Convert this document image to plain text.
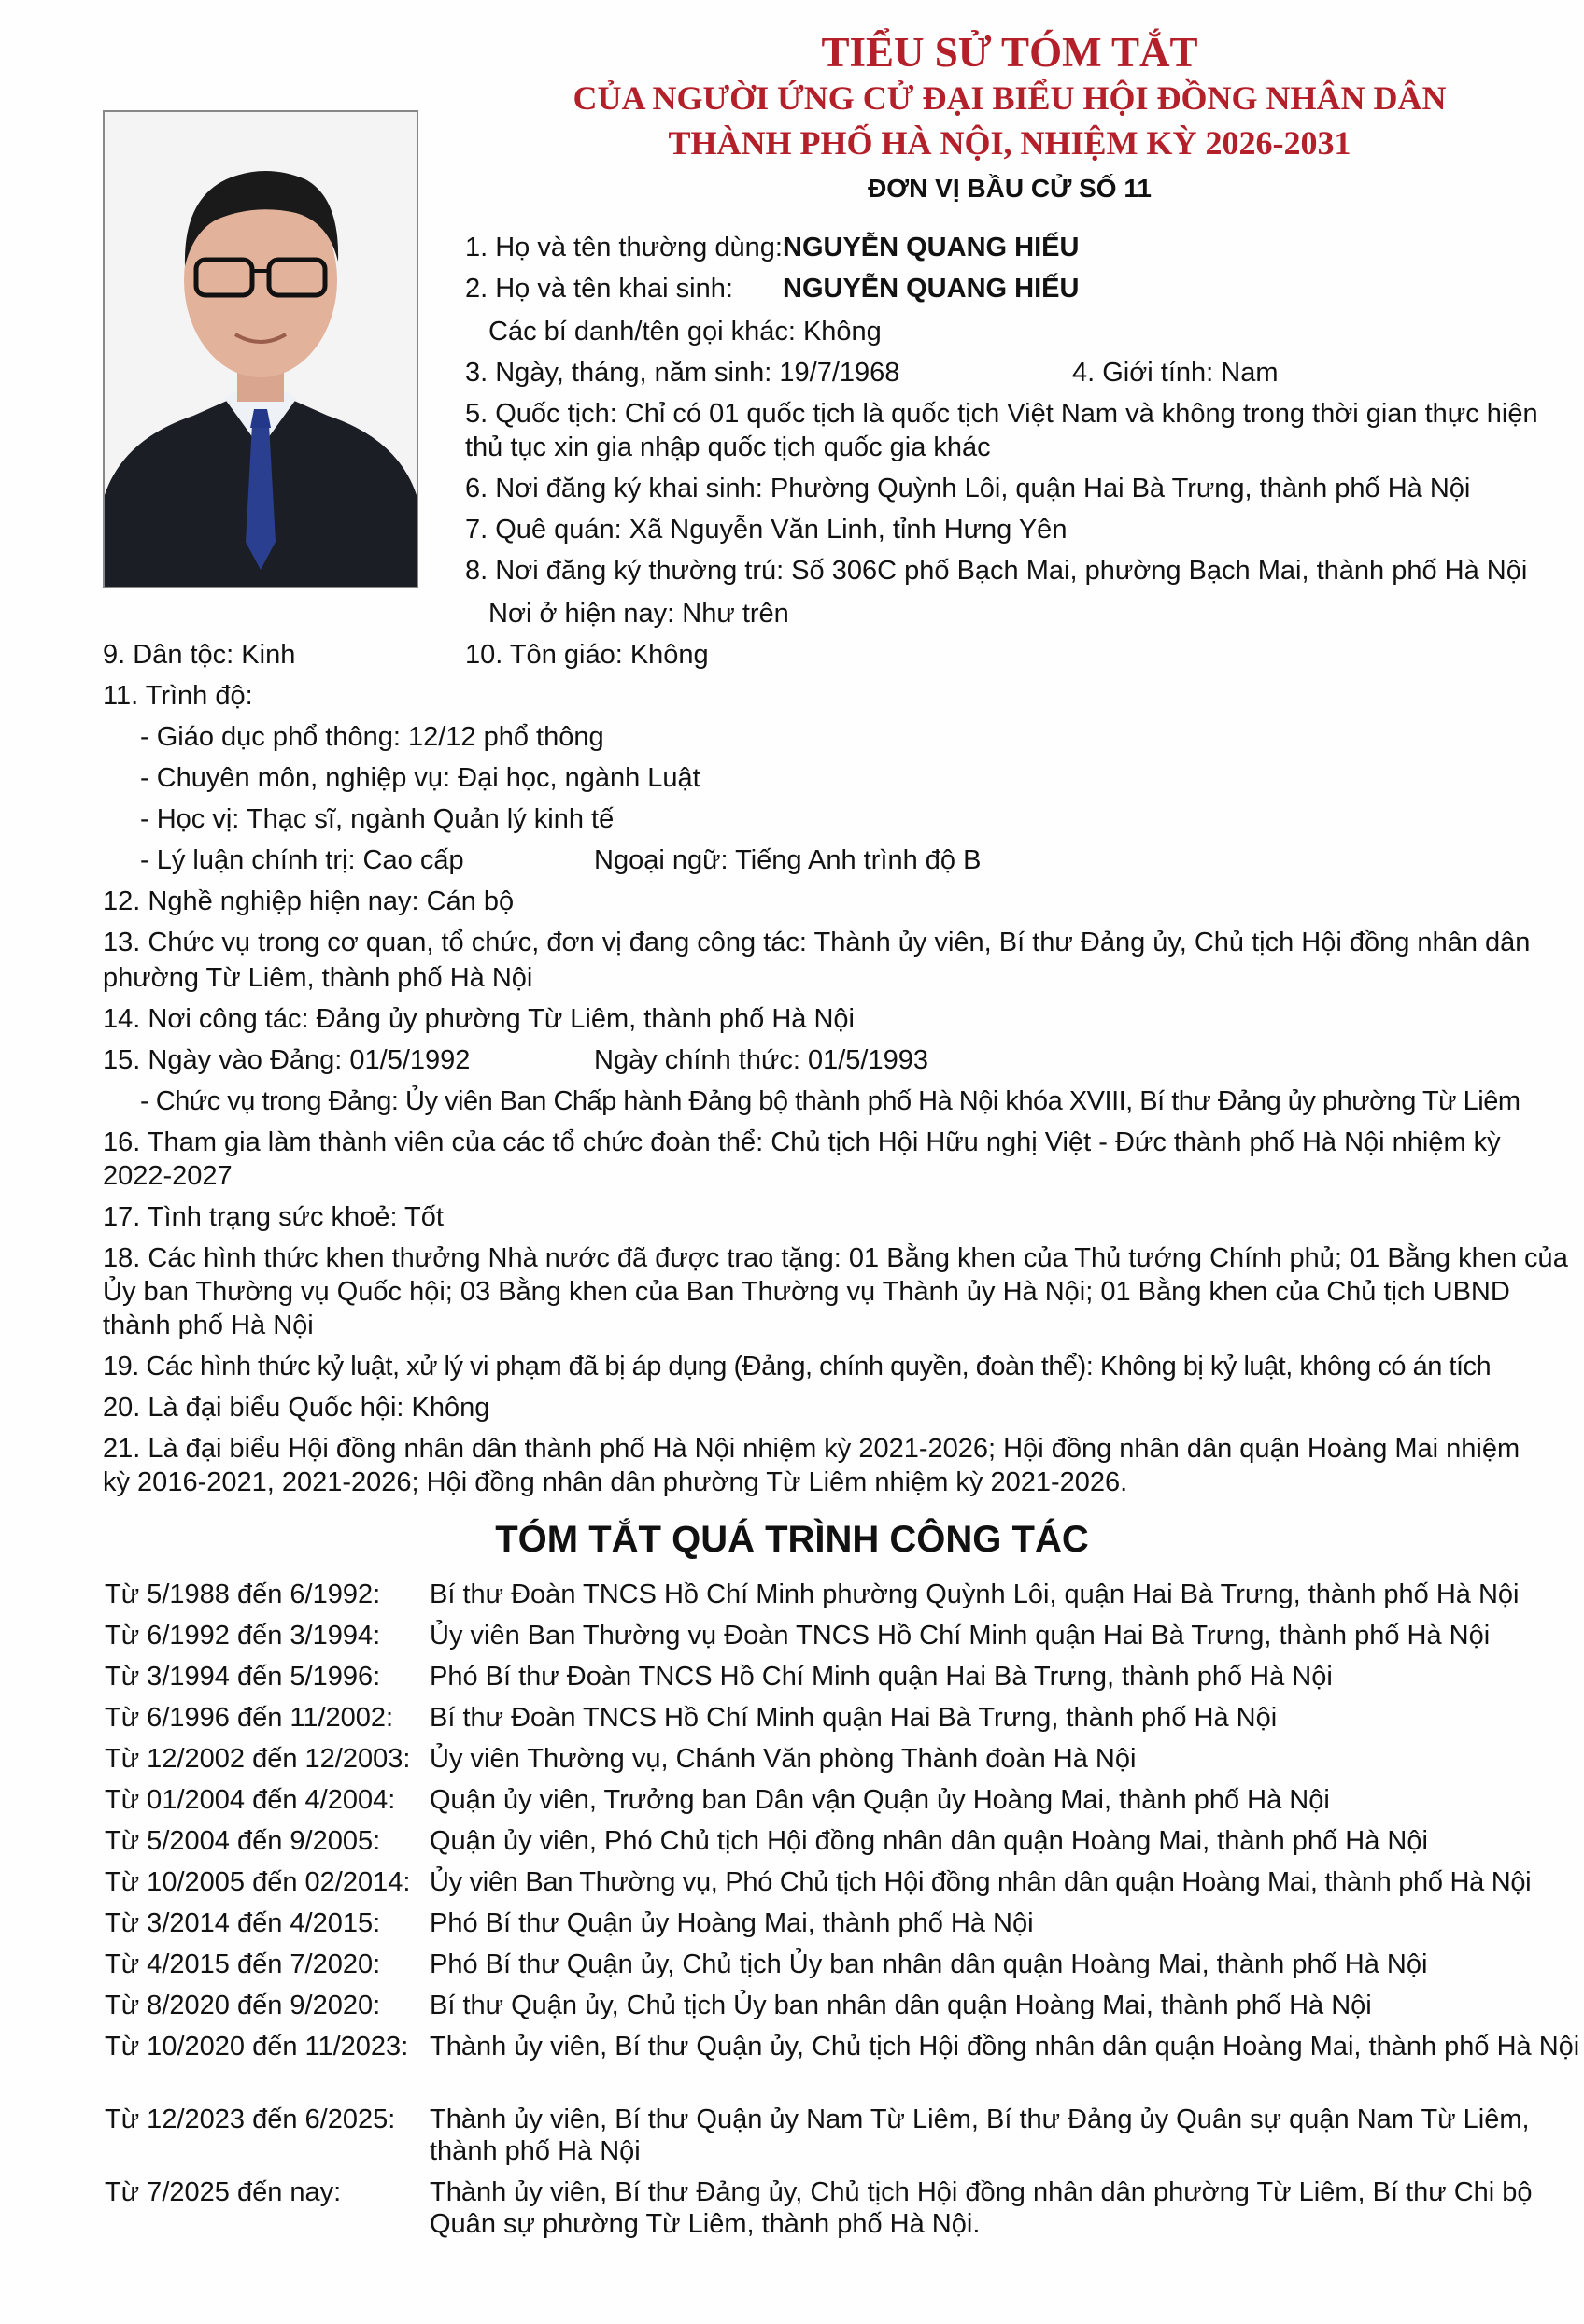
TIỂU SỬ TÓM TẮT
CỦA NGƯỜI ỨNG CỬ ĐẠI BIỂU HỘI ĐỒNG NHÂN DÂN
THÀNH PHỐ HÀ NỘI, NHIỆM KỲ 2026-2031
ĐƠN VỊ BẦU CỬ SỐ 11
1. Họ và tên thường dùng: NGUYỄN QUANG HIẾU
2. Họ và tên khai sinh: NGUYỄN QUANG HIẾU
Các bí danh/tên gọi khác: Không
3. Ngày, tháng, năm sinh: 19/7/1968	4. Giới tính: Nam
5. Quốc tịch: Chỉ có 01 quốc tịch là quốc tịch Việt Nam và không trong thời gian thực hiện
thủ tục xin gia nhập quốc tịch quốc gia khác
6. Nơi đăng ký khai sinh: Phường Quỳnh Lôi, quận Hai Bà Trưng, thành phố Hà Nội
7. Quê quán: Xã Nguyễn Văn Linh, tỉnh Hưng Yên
8. Nơi đăng ký thường trú: Số 306C phố Bạch Mai, phường Bạch Mai, thành phố Hà Nội
Nơi ở hiện nay: Như trên
9. Dân tộc: Kinh	10. Tôn giáo: Không
11. Trình độ:
- Giáo dục phổ thông: 12/12 phổ thông
- Chuyên môn, nghiệp vụ: Đại học, ngành Luật
- Học vị: Thạc sĩ, ngành Quản lý kinh tế
- Lý luận chính trị: Cao cấp	Ngoại ngữ: Tiếng Anh trình độ B
12. Nghề nghiệp hiện nay: Cán bộ
13. Chức vụ trong cơ quan, tổ chức, đơn vị đang công tác: Thành ủy viên, Bí thư Đảng ủy, Chủ tịch Hội đồng nhân dân
phường Từ Liêm, thành phố Hà Nội
14. Nơi công tác: Đảng ủy phường Từ Liêm, thành phố Hà Nội
15. Ngày vào Đảng: 01/5/1992	Ngày chính thức: 01/5/1993
- Chức vụ trong Đảng: Ủy viên Ban Chấp hành Đảng bộ thành phố Hà Nội khóa XVIII, Bí thư Đảng ủy phường Từ Liêm
16. Tham gia làm thành viên của các tổ chức đoàn thể: Chủ tịch Hội Hữu nghị Việt - Đức thành phố Hà Nội nhiệm kỳ
2022-2027
17. Tình trạng sức khoẻ: Tốt
18. Các hình thức khen thưởng Nhà nước đã được trao tặng: 01 Bằng khen của Thủ tướng Chính phủ; 01 Bằng khen của
Ủy ban Thường vụ Quốc hội; 03 Bằng khen của Ban Thường vụ Thành ủy Hà Nội; 01 Bằng khen của Chủ tịch UBND
thành phố Hà Nội
19. Các hình thức kỷ luật, xử lý vi phạm đã bị áp dụng (Đảng, chính quyền, đoàn thể): Không bị kỷ luật, không có án tích
20. Là đại biểu Quốc hội: Không
21. Là đại biểu Hội đồng nhân dân thành phố Hà Nội nhiệm kỳ 2021-2026; Hội đồng nhân dân quận Hoàng Mai nhiệm
kỳ 2016-2021, 2021-2026; Hội đồng nhân dân phường Từ Liêm nhiệm kỳ 2021-2026.
TÓM TẮT QUÁ TRÌNH CÔNG TÁC
Từ 5/1988 đến 6/1992: Bí thư Đoàn TNCS Hồ Chí Minh phường Quỳnh Lôi, quận Hai Bà Trưng, thành phố Hà Nội
Từ 6/1992 đến 3/1994: Ủy viên Ban Thường vụ Đoàn TNCS Hồ Chí Minh quận Hai Bà Trưng, thành phố Hà Nội
Từ 3/1994 đến 5/1996: Phó Bí thư Đoàn TNCS Hồ Chí Minh quận Hai Bà Trưng, thành phố Hà Nội
Từ 6/1996 đến 11/2002: Bí thư Đoàn TNCS Hồ Chí Minh quận Hai Bà Trưng, thành phố Hà Nội
Từ 12/2002 đến 12/2003: Ủy viên Thường vụ, Chánh Văn phòng Thành đoàn Hà Nội
Từ 01/2004 đến 4/2004: Quận ủy viên, Trưởng ban Dân vận Quận ủy Hoàng Mai, thành phố Hà Nội
Từ 5/2004 đến 9/2005: Quận ủy viên, Phó Chủ tịch Hội đồng nhân dân quận Hoàng Mai, thành phố Hà Nội
Từ 10/2005 đến 02/2014: Ủy viên Ban Thường vụ, Phó Chủ tịch Hội đồng nhân dân quận Hoàng Mai, thành phố Hà Nội
Từ 3/2014 đến 4/2015: Phó Bí thư Quận ủy Hoàng Mai, thành phố Hà Nội
Từ 4/2015 đến 7/2020: Phó Bí thư Quận ủy, Chủ tịch Ủy ban nhân dân quận Hoàng Mai, thành phố Hà Nội
Từ 8/2020 đến 9/2020: Bí thư Quận ủy, Chủ tịch Ủy ban nhân dân quận Hoàng Mai, thành phố Hà Nội
Từ 10/2020 đến 11/2023: Thành ủy viên, Bí thư Quận ủy, Chủ tịch Hội đồng nhân dân quận Hoàng Mai, thành phố Hà Nội
Từ 12/2023 đến 6/2025: Thành ủy viên, Bí thư Quận ủy Nam Từ Liêm, Bí thư Đảng ủy Quân sự quận Nam Từ Liêm, thành phố Hà Nội
Từ 7/2025 đến nay:	Thành ủy viên, Bí thư Đảng ủy, Chủ tịch Hội đồng nhân dân phường Từ Liêm, Bí thư Chi bộ Quân sự phường Từ Liêm, thành phố Hà Nội.
